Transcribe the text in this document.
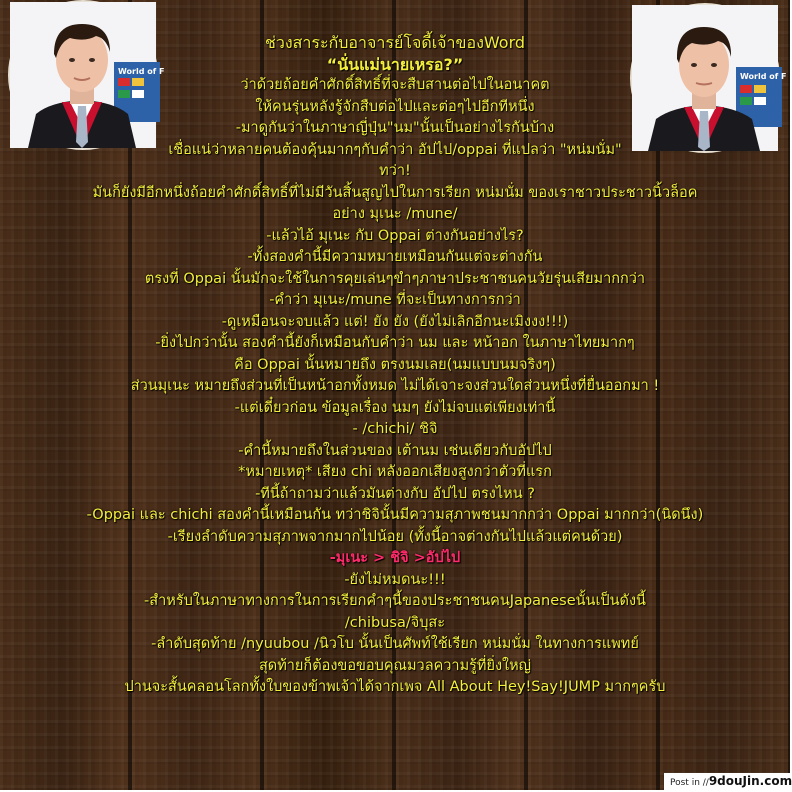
World of F
World of F
ช่วงสาระกับอาจารย์โจดี้เจ้าของWord
“นั่นแม่นายเหรอ?”
ว่าด้วยถ้อยคำศักดิ์สิทธิ์ที่จะสืบสานต่อไปในอนาคต
ให้คนรุ่นหลังรู้จักสืบต่อไปและต่อๆไปอีกทีหนึ่ง
-มาดูกันว่าในภาษาญี่ปุ่น"นม"นั้นเป็นอย่างไรกันบ้าง
เชื่อแน่ว่าหลายคนต้องคุ้นมากๆกับคำว่า อัปไป/oppai ที่แปลว่า "หน่มนั่ม"
ทว่า!
มันก็ยังมีอีกหนึ่งถ้อยคำศักดิ์สิทธิ์ที่ไม่มีวันสิ้นสูญไปในการเรียก หน่มนั่ม ของเราชาวประชาวนิ้วล็อค
อย่าง มุเนะ /mune/
-แล้วไอ้ มุเนะ กับ Oppai ต่างกันอย่างไร?
-ทั้งสองคำนี้มีความหมายเหมือนกันแต่จะต่างกัน
ตรงที่ Oppai นั้นมักจะใช้ในการคุยเล่นๆขำๆภาษาประชาชนคนวัยรุ่นเสียมากกว่า
-คำว่า มุเนะ/mune ที่จะเป็นทางการกว่า
-ดูเหมือนจะจบแล้ว แต่! ยัง ยัง (ยังไม่เลิกอีกนะเมิงงง!!!)
-ยิ่งไปกว่านั้น สองคำนี้ยังก็เหมือนกับคำว่า นม และ หน้าอก ในภาษาไทยมากๆ
คือ Oppai นั้นหมายถึง ตรงนมเลย(นมแบบนมจริงๆ)
ส่วนมุเนะ หมายถึงส่วนที่เป็นหน้าอกทั้งหมด ไม่ได้เจาะจงส่วนใดส่วนหนึ่งที่ยื่นออกมา !
-แต่เดี๋ยวก่อน ข้อมูลเรื่อง นมๆ ยังไม่จบแต่เพียงเท่านี้
- /chichi/ ชิจิ
-คำนี้หมายถึงในส่วนของ เต้านม เช่นเดียวกับอัปไป
*หมายเหตุ* เสียง chi หลังออกเสียงสูงกว่าตัวที่แรก
-ทีนี้ถ้าถามว่าแล้วมันต่างกับ อัปไป ตรงไหน ?
-Oppai และ chichi สองคำนี้เหมือนกัน ทว่าชิจินั้นมีความสุภาพชนมากกว่า Oppai มากกว่า(นิดนึง)
-เรียงลำดับความสุภาพจากมากไปน้อย (ทั้งนี้อาจต่างกันไปแล้วแต่คนด้วย)
-มุเนะ > ชิจิ >อัปไป
-ยังไม่หมดนะ!!!
-สำหรับในภาษาทางการในการเรียกคำๆนี้ของประชาชนคนJapaneseนั้นเป็นดังนี้
/chibusa/จิบุสะ
-ลำดับสุดท้าย /nyuubou /นิวโบ นั้นเป็นศัพท์ใช้เรียก หน่มนั่ม ในทางการแพทย์
สุดท้ายก็ต้องขอขอบคุณมวลความรู้ที่ยิ่งใหญ่
ปานจะสั้นคลอนโลกทั้งใบของข้าพเจ้าได้จากเพจ All About Hey!Say!JUMP มากๆครับ
Post in //9douJin.com
